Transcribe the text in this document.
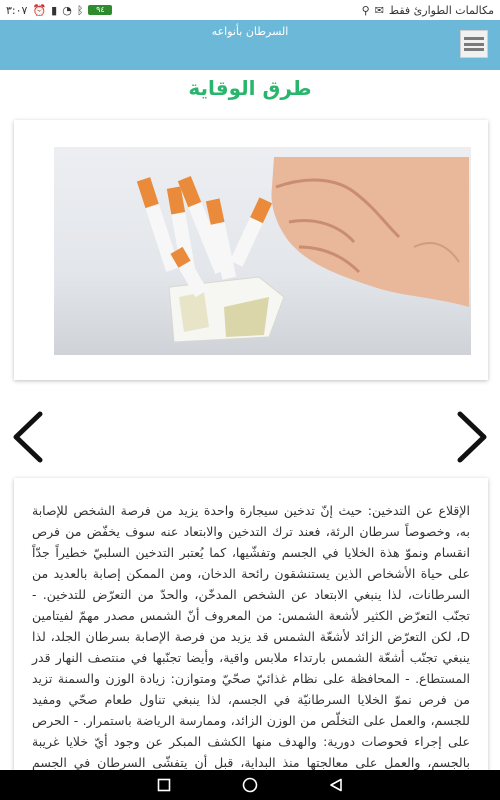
٣:٠٧ ⏰ ▮ ◔ ᛒ	٩٤	مكالمات الطوارئ فقط
✉
⚲
السرطان بأنواعه
طرق الوقاية

الإقلاع عن التدخين: حيث إنّ تدخين سيجارة واحدة يزيد من فرصة الشخص للإصابة به، وخصوصاً سرطان الرئة، فعند ترك التدخين والابتعاد عنه سوف يخفّض من فرص انقسام ونموّ هذة الخلايا في الجسم وتفشّيها، كما يُعتبر التدخين السلبيّ خطيراً جدّاً على حياة الأشخاص الذين يستنشقون رائحة الدخان، ومن الممكن إصابة بالعديد من السرطانات، لذا ينبغي الابتعاد عن الشخص المدخّن، والحدّ من التعرّض للتدخين. - تجنّب التعرّض الكثير لأشعة الشمس: من المعروف أنّ الشمس مصدر مهمّ لفيتامين D، لكن التعرّض الزائد لأشعّة الشمس قد يزيد من فرصة الإصابة بسرطان الجلد، لذا ينبغي تجنّب أشعّة الشمس بارتداء ملابس واقية، وأيضا تجنّبها في منتصف النهار قدر المستطاع. - المحافظة على نظام غذائيّ صحّيّ ومتوازن: زيادة الوزن والسمنة تزيد من فرص نموّ الخلايا السرطانيّة في الجسم، لذا ينبغي تناول طعام صحّي ومفيد للجسم، والعمل على التخلّص من الوزن الزائد، وممارسة الرياضة باستمرار. - الحرص على إجراء فحوصات دورية: والهدف منها الكشف المبكر عن وجود أيّ خلايا غريبة بالجسم، والعمل على معالجتها منذ البداية، قبل أن يتفشّى السرطان في الجسم
